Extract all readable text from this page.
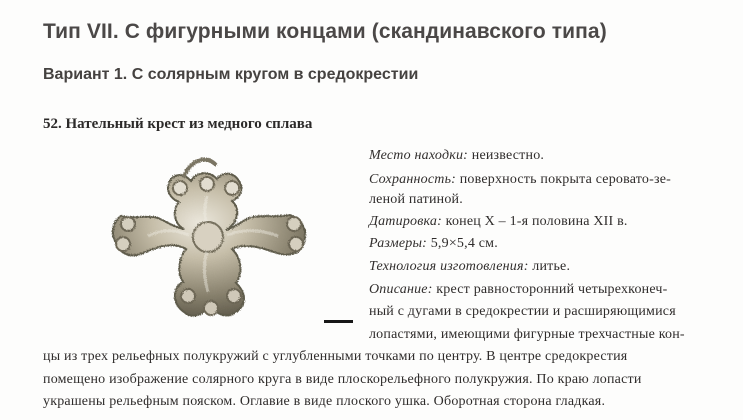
Тип VII. С фигурными концами (скандинавского типа)
Вариант 1. С солярным кругом в средокрестии
52. Нательный крест из медного сплава
Место находки: неизвестно.
Сохранность: поверхность покрыта серовато-зе-
леной патиной.
Датировка: конец X – 1-я половина XII в.
Размеры: 5,9×5,4 см.
Технология изготовления: литье.
Описание: крест равносторонний четырехконеч-
ный с дугами в средокрестии и расширяющимися
лопастями, имеющими фигурные трехчастные кон-
цы из трех рельефных полукружий с углубленными точками по центру. В центре средокрестия
помещено изображение солярного круга в виде плоскорельефного полукружия. По краю лопасти
украшены рельефным пояском. Оглавие в виде плоского ушка. Оборотная сторона гладкая.
